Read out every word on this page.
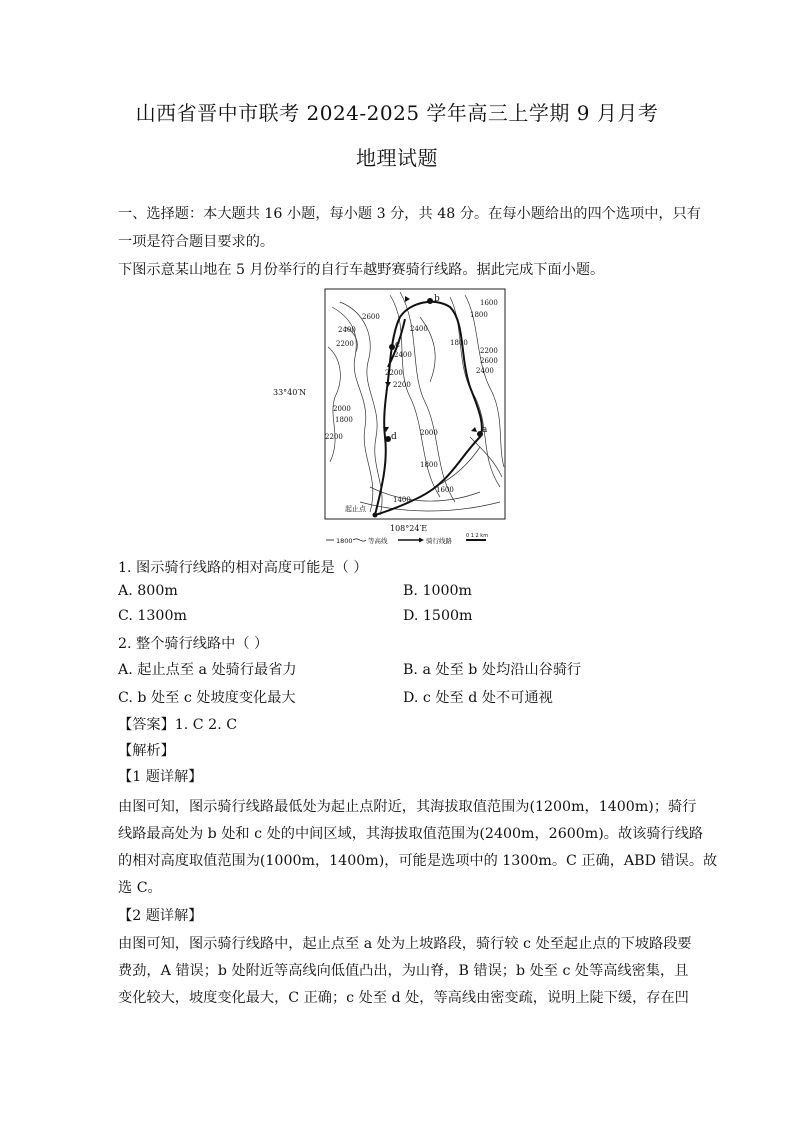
山西省晋中市联考 2024-2025 学年高三上学期 9 月月考
地理试题
一、选择题：本大题共 16 小题，每小题 3 分，共 48 分。在每小题给出的四个选项中，只有
一项是符合题目要求的。
下图示意某山地在 5 月份举行的自行车越野赛骑行线路。据此完成下面小题。
a
b
c
d
起止点
33°40′N
108°24′E
1600
1800
2600
2400
2200
2400
2200
2600
1800
2200
2400
2000
1800
2200	2000
1600
1400
1800
2200	2400
1800 等高线	骑行线路
0 1 2 km
1. 图示骑行线路的相对高度可能是（ ）
A. 800m	B. 1000m
C. 1300m	D. 1500m
2. 整个骑行线路中（ ）
A. 起止点至 a 处骑行最省力	B. a 处至 b 处均沿山谷骑行
C. b 处至 c 处坡度变化最大	D. c 处至 d 处不可通视
【答案】1. C 2. C
【解析】
【1 题详解】
由图可知，图示骑行线路最低处为起止点附近，其海拔取值范围为(1200m，1400m)；骑行
线路最高处为 b 处和 c 处的中间区域，其海拔取值范围为(2400m，2600m)。故该骑行线路
的相对高度取值范围为(1000m，1400m)，可能是选项中的 1300m。C 正确，ABD 错误。故
选 C。
【2 题详解】
由图可知，图示骑行线路中，起止点至 a 处为上坡路段，骑行较 c 处至起止点的下坡路段要
费劲，A 错误；b 处附近等高线向低值凸出，为山脊，B 错误；b 处至 c 处等高线密集，且
变化较大，坡度变化最大，C 正确；c 处至 d 处，等高线由密变疏，说明上陡下缓，存在凹
